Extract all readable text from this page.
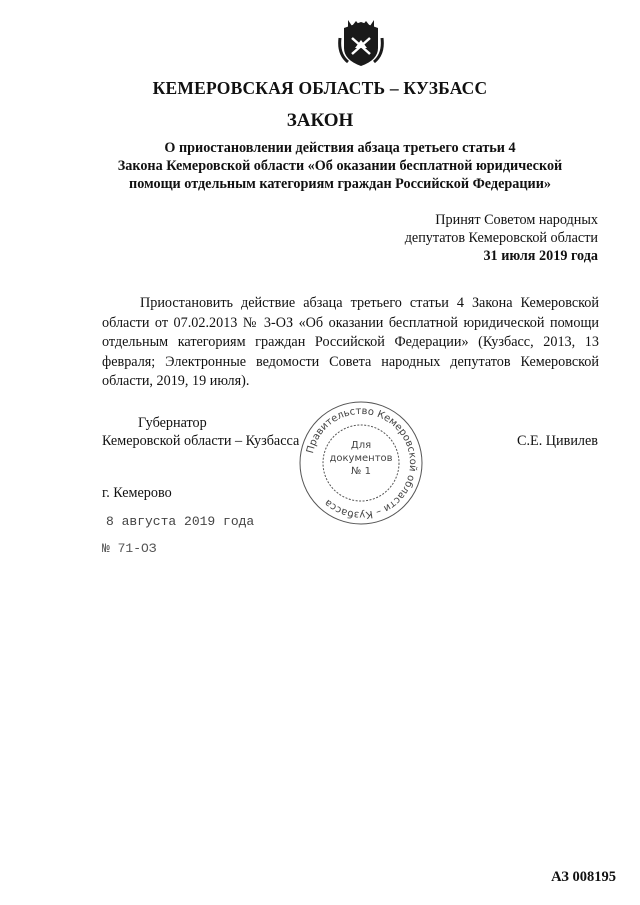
КЕМЕРОВСКАЯ ОБЛАСТЬ – КУЗБАСС
ЗАКОН
О приостановлении действия абзаца третьего статьи 4
Закона Кемеровской области «Об оказании бесплатной юридической
помощи отдельным категориям граждан Российской Федерации»
Принят Советом народных
депутатов Кемеровской области
31 июля 2019 года
Приостановить действие абзаца третьего статьи 4 Закона Кемеровской области от 07.02.2013 № 3-ОЗ «Об оказании бесплатной юридической помощи отдельным категориям граждан Российской Федерации» (Кузбасс, 2013, 13 февраля; Электронные ведомости Совета народных депутатов Кемеровской области, 2019, 19 июля).
Губернатор
Кемеровской области – Кузбасса	С.Е. Цивилев
Правительство Кемеровской области – Кузбасса
Для
документов
№ 1
г. Кемерово
8 августа 2019 года
№ 71-ОЗ
АЗ 008195
